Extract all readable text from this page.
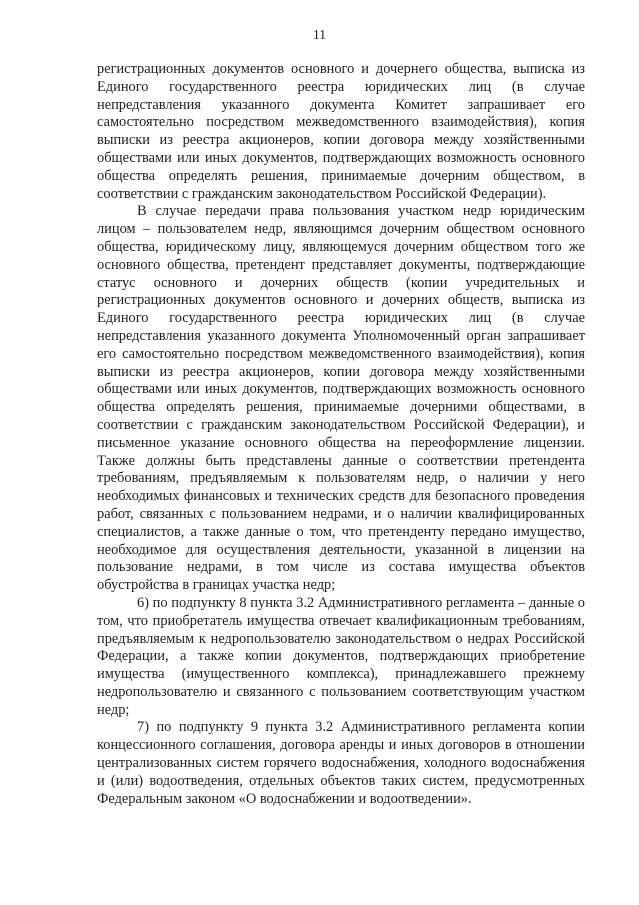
11

регистрационных документов основного и дочернего общества, выписка из Единого государственного реестра юридических лиц (в случае непредставления указанного документа Комитет запрашивает его самостоятельно посредством межведомственного взаимодействия), копия выписки из реестра акционеров, копии договора между хозяйственными обществами или иных документов, подтверждающих возможность основного общества определять решения, принимаемые дочерним обществом, в соответствии с гражданским законодательством Российской Федерации).

В случае передачи права пользования участком недр юридическим лицом – пользователем недр, являющимся дочерним обществом основного общества, юридическому лицу, являющемуся дочерним обществом того же основного общества, претендент представляет документы, подтверждающие статус основного и дочерних обществ (копии учредительных и регистрационных документов основного и дочерних обществ, выписка из Единого государственного реестра юридических лиц (в случае непредставления указанного документа Уполномоченный орган запрашивает его самостоятельно посредством межведомственного взаимодействия), копия выписки из реестра акционеров, копии договора между хозяйственными обществами или иных документов, подтверждающих возможность основного общества определять решения, принимаемые дочерними обществами, в соответствии с гражданским законодательством Российской Федерации), и письменное указание основного общества на переоформление лицензии. Также должны быть представлены данные о соответствии претендента требованиям, предъявляемым к пользователям недр, о наличии у него необходимых финансовых и технических средств для безопасного проведения работ, связанных с пользованием недрами, и о наличии квалифицированных специалистов, а также данные о том, что претенденту передано имущество, необходимое для осуществления деятельности, указанной в лицензии на пользование недрами, в том числе из состава имущества объектов обустройства в границах участка недр;

6) по подпункту 8 пункта 3.2 Административного регламента – данные о том, что приобретатель имущества отвечает квалификационным требованиям, предъявляемым к недропользователю законодательством о недрах Российской Федерации, а также копии документов, подтверждающих приобретение имущества (имущественного комплекса), принадлежавшего прежнему недропользователю и связанного с пользованием соответствующим участком недр;

7) по подпункту 9 пункта 3.2 Административного регламента копии концессионного соглашения, договора аренды и иных договоров в отношении централизованных систем горячего водоснабжения, холодного водоснабжения и (или) водоотведения, отдельных объектов таких систем, предусмотренных Федеральным законом «О водоснабжении и водоотведении».
